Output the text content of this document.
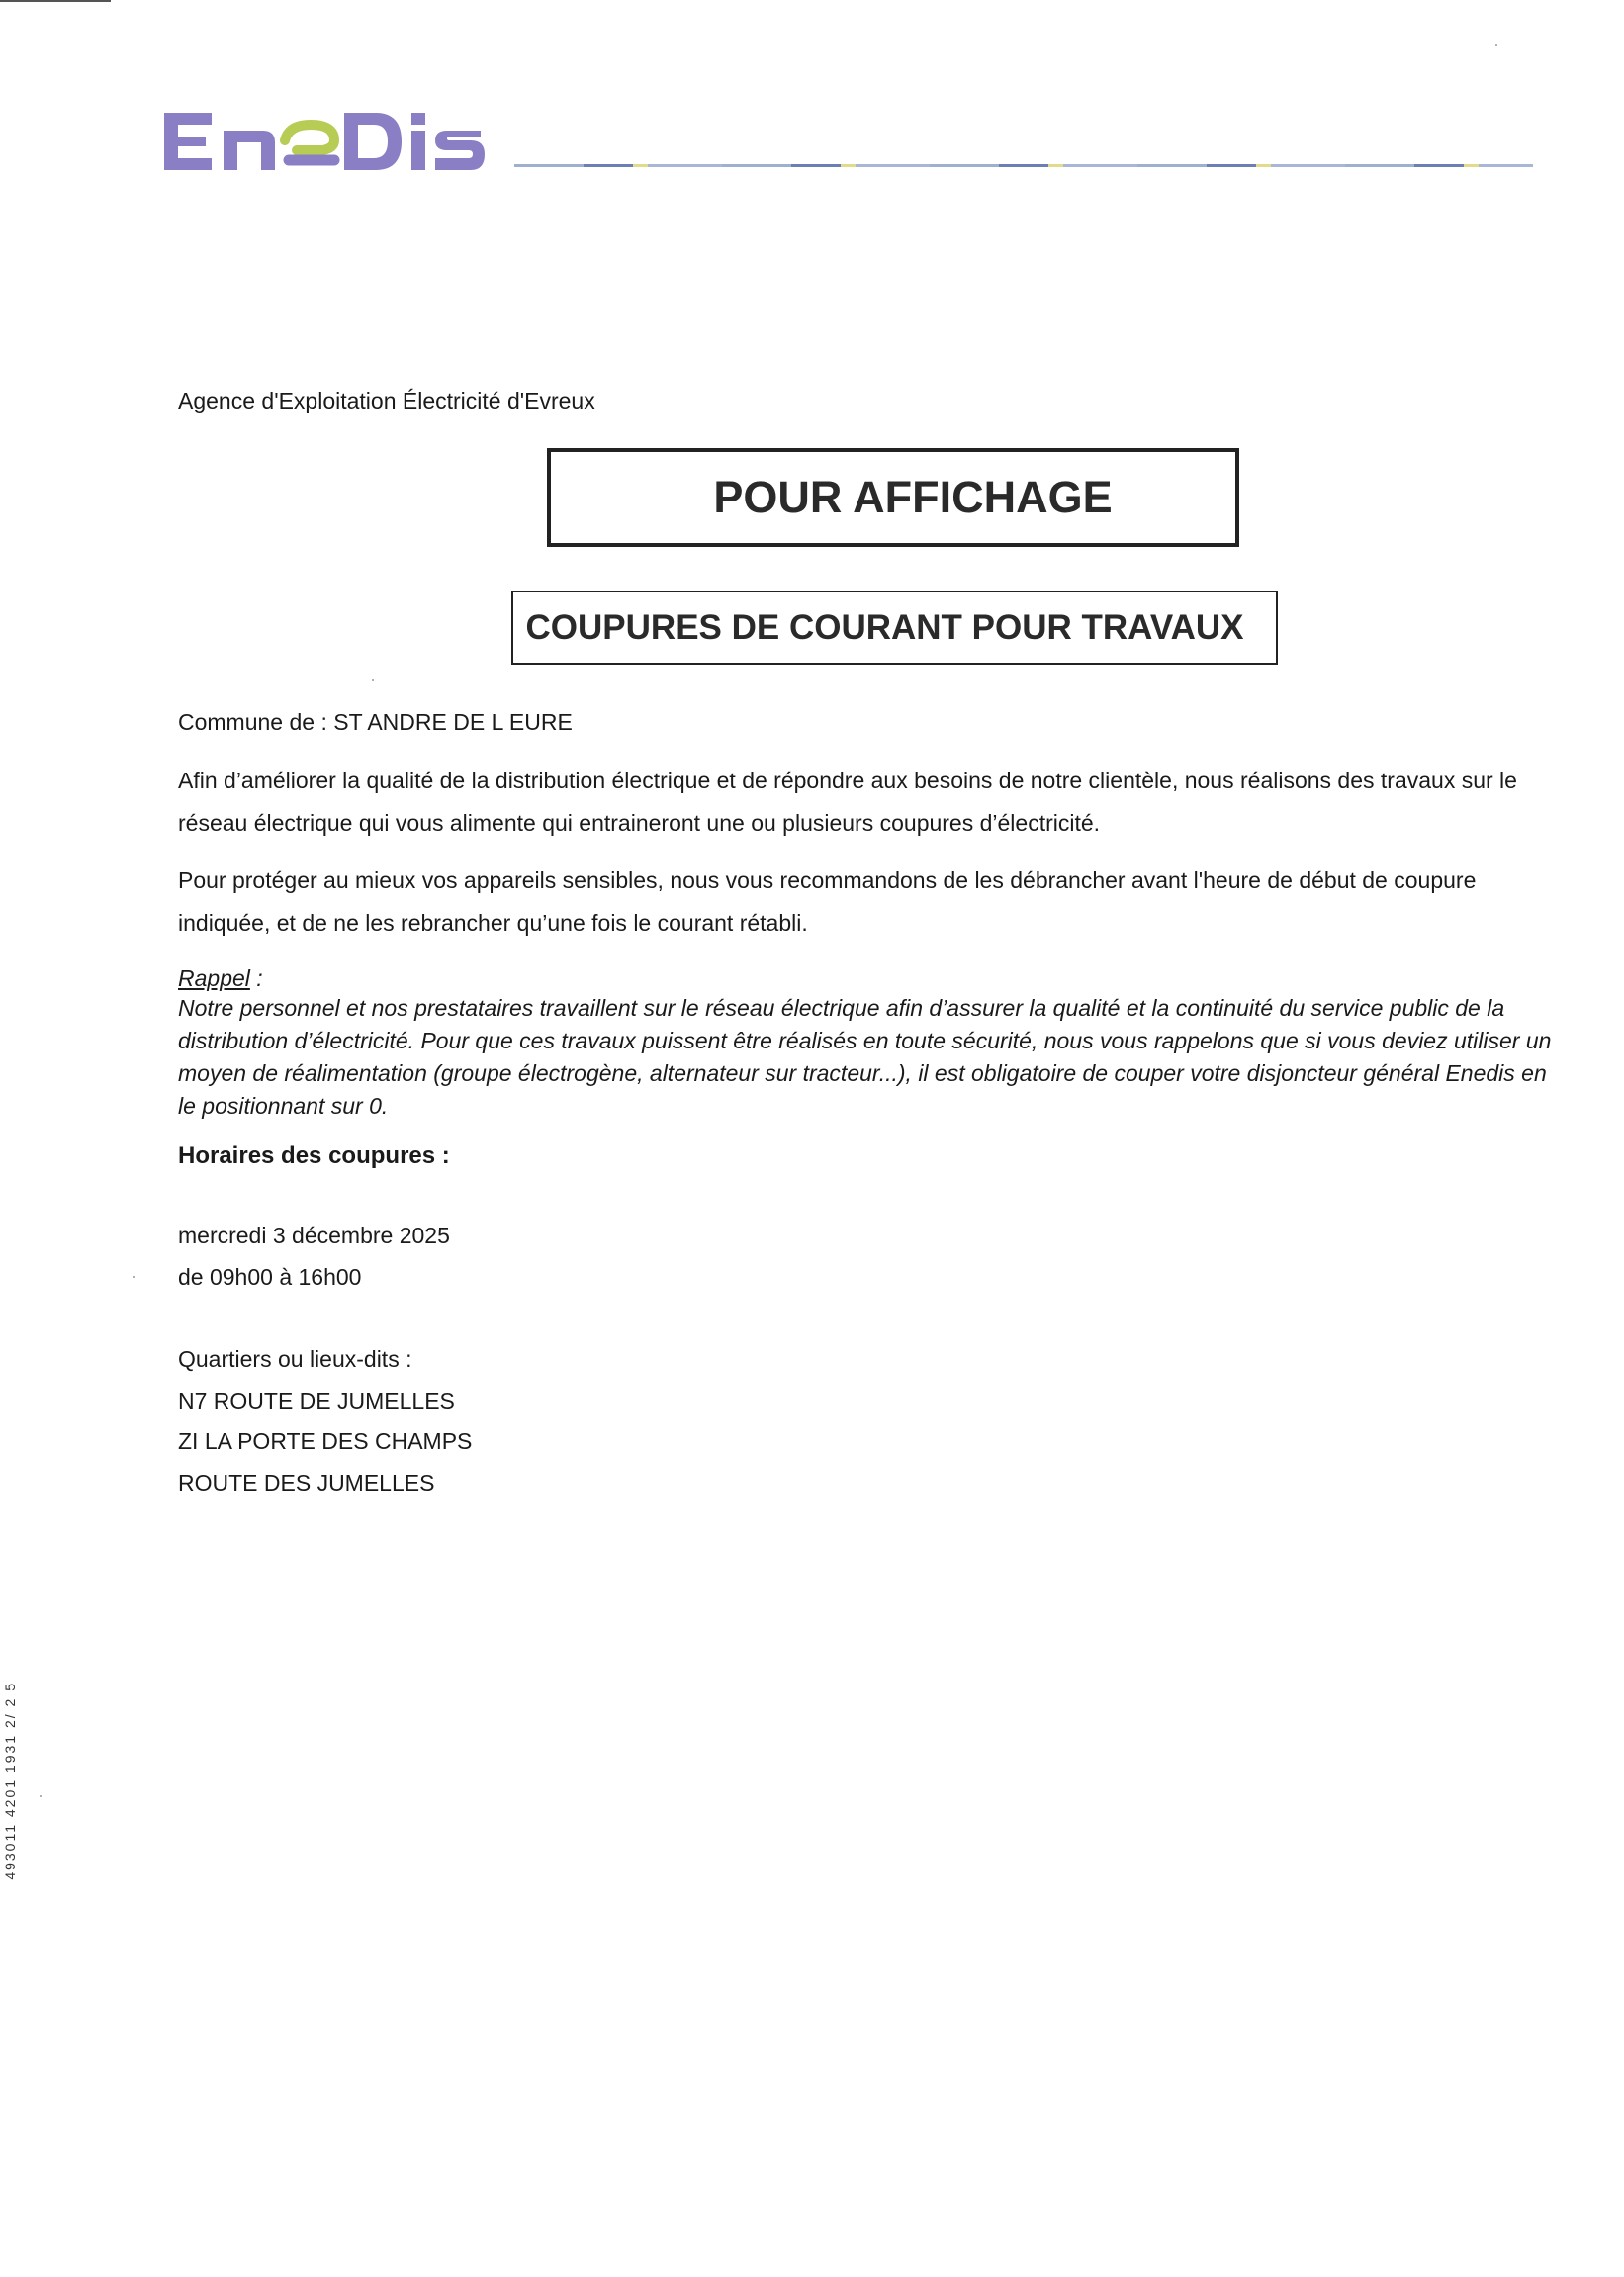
Agence d'Exploitation Électricité d'Evreux
POUR AFFICHAGE
COUPURES DE COURANT POUR TRAVAUX
Commune de : ST ANDRE DE L EURE
Afin d’améliorer la qualité de la distribution électrique et de répondre aux besoins de notre clientèle, nous réalisons des travaux sur le réseau électrique qui vous alimente qui entraineront une ou plusieurs coupures d’électricité.
Pour protéger au mieux vos appareils sensibles, nous vous recommandons de les débrancher avant l'heure de début de coupure indiquée, et de ne les rebrancher qu’une fois le courant rétabli.
Rappel :
Notre personnel et nos prestataires travaillent sur le réseau électrique afin d’assurer la qualité et la continuité du service public de la distribution d’électricité. Pour que ces travaux puissent être réalisés en toute sécurité, nous vous rappelons que si vous deviez utiliser un moyen de réalimentation (groupe électrogène, alternateur sur tracteur...), il est obligatoire de couper votre disjoncteur général Enedis en le positionnant sur 0.
Horaires des coupures :
mercredi 3 décembre 2025
de 09h00 à 16h00
Quartiers ou lieux-dits :
N7 ROUTE DE JUMELLES
ZI LA PORTE DES CHAMPS
ROUTE DES JUMELLES
493011 4201 1931 2/ 2 5
